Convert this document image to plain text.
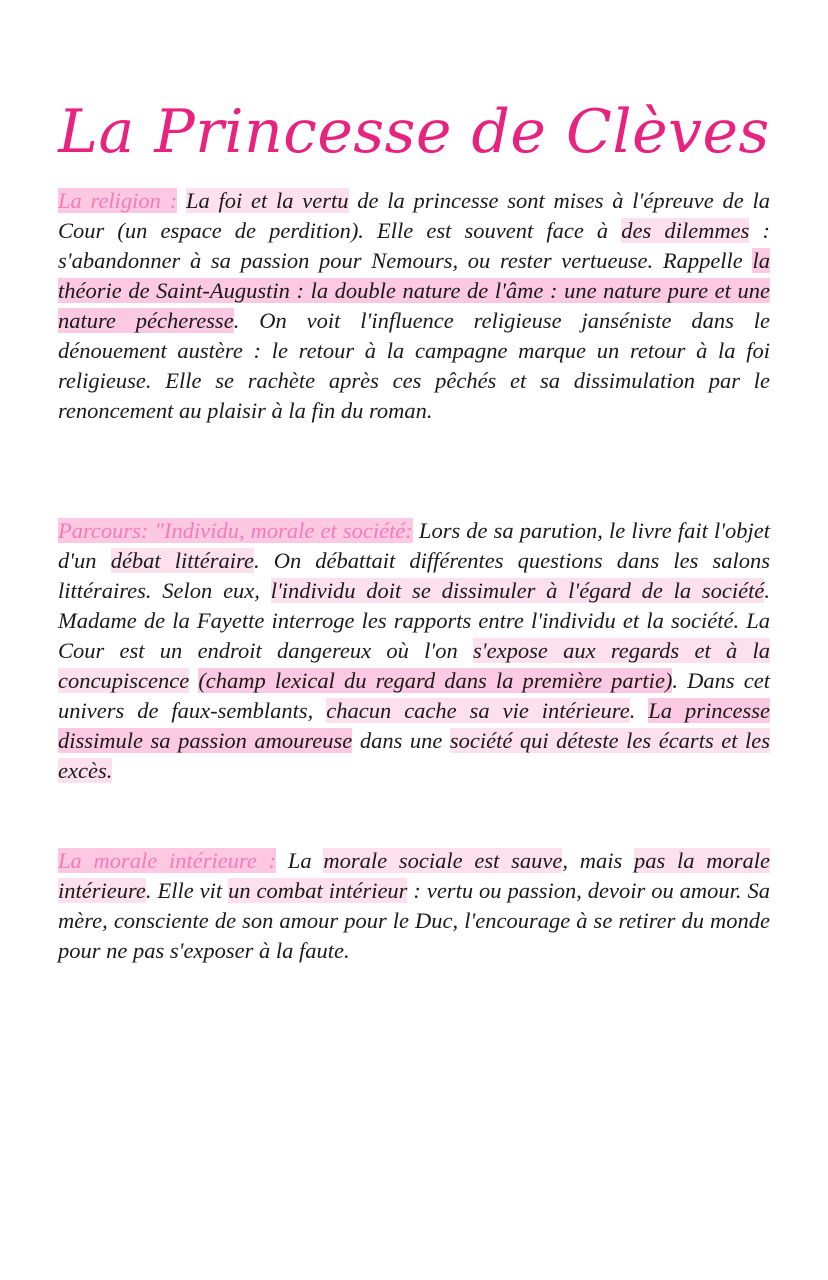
La Princesse de Clèves
La religion : La foi et la vertu de la princesse sont mises à l'épreuve de la Cour (un espace de perdition). Elle est souvent face à des dilemmes : s'abandonner à sa passion pour Nemours, ou rester vertueuse. Rappelle la théorie de Saint-Augustin : la double nature de l'âme : une nature pure et une nature pécheresse. On voit l'influence religieuse janséniste dans le dénouement austère : le retour à la campagne marque un retour à la foi religieuse. Elle se rachète après ces pêchés et sa dissimulation par le renoncement au plaisir à la fin du roman.
Parcours: "Individu, morale et société: Lors de sa parution, le livre fait l'objet d'un débat littéraire. On débattait différentes questions dans les salons littéraires. Selon eux, l'individu doit se dissimuler à l'égard de la société. Madame de la Fayette interroge les rapports entre l'individu et la société. La Cour est un endroit dangereux où l'on s'expose aux regards et à la concupiscence (champ lexical du regard dans la première partie). Dans cet univers de faux-semblants, chacun cache sa vie intérieure. La princesse dissimule sa passion amoureuse dans une société qui déteste les écarts et les excès.
La morale intérieure : La morale sociale est sauve, mais pas la morale intérieure. Elle vit un combat intérieur : vertu ou passion, devoir ou amour. Sa mère, consciente de son amour pour le Duc, l'encourage à se retirer du monde pour ne pas s'exposer à la faute.
